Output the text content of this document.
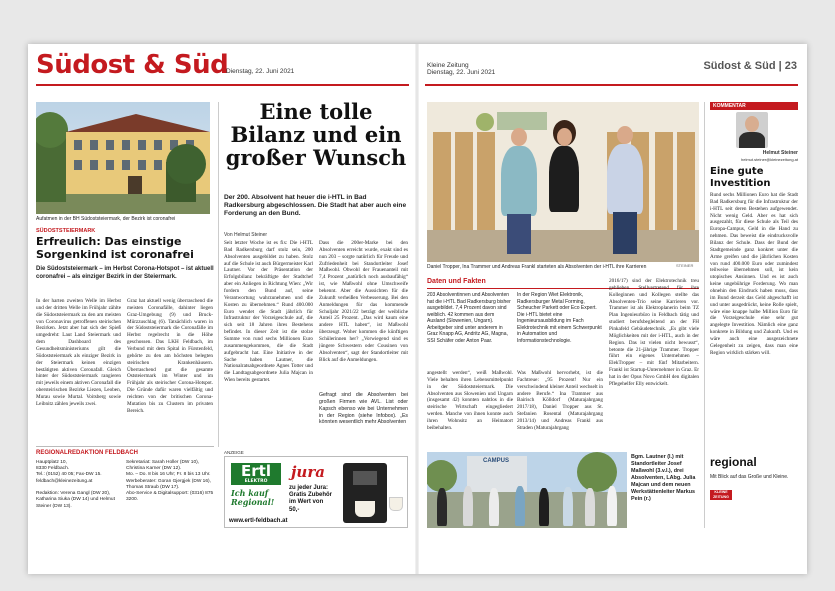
Südost & Süd
Dienstag, 22. Juni 2021
Kleine Zeitung
Dienstag, 22. Juni 2021
Südost & Süd | 23
Aufatmen in der BH Südoststeiermark, der Bezirk ist coronafrei
SÜDOSTSTEIERMARK
Erfreulich: Das einstige Sorgenkind ist coronafrei
Die Südoststeiermark – im Herbst Corona-Hotspot – ist aktuell coronafrei – als einziger Bezirk in der Steiermark.
In der harten zweiten Welle im Herbst und der dritten Welle im Frühjahr zählte die Südoststeiermark zu den am meisten von Coronavirus getroffenen steirischen Bezirken. Jetzt aber hat sich der Spieß umgedreht: Laut Land Steiermark und dem Dashboard des Gesundheitsministeriums gilt die Südoststeiermark als einziger Bezirk in der Steiermark keinen einzigen bestätigten aktiven Coronafall. Gleich hinter der Südoststeiermark rangieren mit jeweils einem aktiven Coronafall die obersteirischen Bezirke Liezen, Leoben, Murau sowie Murtal. Voitsberg sowie Leibnitz zählen jeweils zwei.
Graz hat aktuell wenig überraschend die meisten Coronafälle, dahinter liegen Graz-Umgebung (9) und Bruck-Mürzzuschlag (6). Tatsächlich waren in der Südoststeiermark die Coronafälle im Herbst regelrecht in die Höhe geschossen. Das LKH Feldbach, im Verbund mit dem Spital in Fürstenfeld, gehörte zu den am höchsten belegten steirischen Krankenhäusern. Überraschend gut die gesamte Oststeiermark im Winter und im Frühjahr als steirischer Corona-Hotspot. Die Gründe dafür waren vielfältig und reichten von der britischen Corona-Mutation bis zu Clustern im privaten Bereich.
REGIONALREDAKTION FELDBACH
Hauptplatz 10,
8330 Feldbach.
Tel.: (0152) 40 05; Fax-DW 15.
feldbach@kleinezeitung.at

Redaktion: Verena Gangl (DW 20), Katharina Siuka (DW 14) und Helmut Steiner (DW 13).
Sekretariat: Sarah Holler (DW 10), Christina Karner (DW 12).
Mo. – Do. 8 bis 16 Uhr; Fr. 8 bis 13 Uhr.
Werbeberater: Goran Gjergjek (DW 16), Thomas Straub (DW 17).
Abo-Service & Digitalsupport: (0316) 875 3200.
Eine tolle Bilanz und ein großer Wunsch
Der 200. Absolvent hat heuer die i-HTL in Bad Radkersburg abgeschlossen. Die Stadt hat aber auch eine Forderung an den Bund.
Von Helmut Steiner
Seit letzter Woche ist es fix: Die i-HTL Bad Radkersburg darf stolz sein, 200 Absolventen ausgebildet zu haben. Stolz auf die Schule ist auch Bürgermeister Karl Lautner. Vor der Präsentation der Erfolgsbilanz bekräftigte der Stadtchef aber ein Anliegen in Richtung Wien: „Wir fordern den Bund auf, seine Verantwortung wahrzunehmen und die Kosten zu übernehmen.“ Rund 400.000 Euro wendet die Stadt jährlich für Infrastruktur der Vorzeigeschule auf, die sich seit 18 Jahren ihres Bestehens befindet. In dieser Zeit ist die stolze Summe von rund sechs Millionen Euro zusammengekommen, die die Stadt aufgebracht hat. Eine Initiative in der Sache haben Lautner, die Nationalratsabgeordnete Agnes Totter und die Landtagsabgeordnete Julia Majcan in Wien bereits gestartet.
Dass die 200er-Marke bei den Absolventen erreicht wurde, exakt sind es nun 203 – sorgte natürlich für Freude und Zufriedenheit bei Standortleiter Josef Maßwohl. Obwohl der Frauenanteil mit 7,4 Prozent „natürlich noch ausbaufähig“ ist, wie Maßwohl ohne Umschweife bekennt. Aber die Aussichten für die Zukunft verheißen Verbesserung. Bei den Anmeldungen für das kommende Schuljahr 2021/22 beträgt der weibliche Anteil 25 Prozent. „Das wird kaum eine andere HTL haben“, ist Maßwohl überzeugt. Woher kommen die künftigen Schülerinnen her? „Vorwiegend sind es jüngere Schwestern oder Cousinen von Absolventen“, sagt der Standortleiter mit Blick auf die Anmeldungen.
Gefragt sind die Absolventen bei großen Firmen wie AVL. List oder Kapsch ebenso wie bei Unternehmen in der Region (siehe Infobox). „Es könnten wesentlich mehr Absolventen
ANZEIGE
Ertl
ELEKTRO
Ich kauf Regional!
www.ertl-feldbach.at
jura
zu jeder Jura: Gratis Zubehör im Wert von 50,-
Daniel Tropper, Ina Trammer und Andreas Frankl starteten als Absolventen der i-HTL ihre Karrieren	STEINER
Daten und Fakten
203 Absolventinnen und Absolventen hat die i-HTL Bad Radkersburg bisher ausgebildet. 7,4 Prozent davon sind weiblich. 42 kommen aus dem Ausland (Slowenien, Ungarn).
Arbeitgeber sind unter anderem in Graz Knapp AG, Andritz AG, Magna, SSI Schäfer oder Anton Paar.
In der Region Wiet Elektronik, Radkersburger Metal Forming, Scheucher Parkett oder Eco Expert.
Die i-HTL bietet eine Ingenieursausbildung im Fach Elektrotechnik mit einem Schwerpunkt in Automation und Informationstechnologie.
angestellt werden“, weiß Maßwohl. Viele behalten ihren Lebensmittelpunkt in der Südoststeiermark. Die Absolventen aus Slowenien und Ungarn (insgesamt 42) konnten nahtlos in die steirische Wirtschaft eingegliedert werden. Manche von ihnen konnte auch ihren Wohnsitz an Heimatort beibehalten.
Was Maßwohl hervorhebt, ist die Fachtreue: „95 Prozent! Nur ein verschwindend kleiner Anteil wechselt in andere Berufe.“ Ina Trammer aus Bairisch Kölldorf (Maturajahrgang 2017/18), Daniel Tropper aus St. Stefanien Rosental (Maturajahrgang 2013/14) und Andreas Frankl aus Straden (Maturajahrgang
2016/17) sind der Elektrotechnik treu geblieben. Stellvertretend für ihre Kolleginnen und Kollegen stellte das Absolventen-Trio seine Karrieren vor. Trammer ist als Elektroplanerin beim TZ Plan Ingenieurbüro in Feldbach tätig und studiert berufsbegleitend an der FH Pinkafeld Gebäudetechnik. „Es gibt viele Möglichkeiten mit der i-HTL, auch in der Region. Das ist vielen nicht bewusst“, betonte die 21-jährige Trammer. Tropper führt ein eigenes Unternehmen – ElekTropper – mit fünf Mitarbeitern. Frankl ist Startup-Unternehmer in Graz. Er hat in der Opus Novo GmbH den digitalen Pflegehelfer Elly entwickelt.
CAMPUS
Bgm. Lautner (l.) mit Standortleiter Josef Maßwohl (3.v.l.), drei Absolventen, LAbg. Julia Majcan und dem neuen Werkstättenleiter Markus Pein (r.)
KOMMENTAR
Helmut Steiner
helmut.steiner@kleinezeitung.at
Eine gute Investition
Rund sechs Millionen Euro hat die Stadt Bad Radkersburg für die Infrastruktur der i-HTL seit deren Bestehen aufgewendet. Nicht wenig Geld. Aber es hat sich ausgezahlt, für diese Schule als Teil des Europa-Campus, Geld in die Hand zu nehmen. Das beweist die eindrucksvolle Bilanz der Schule. Dass der Bund der Stadtgemeinde ganz konkret unter die Arme greifen und die jährlichen Kosten von rund 400.000 Euro oder zumindest teilweise übernehmen soll, ist kein utopisches Ansinnen. Und es ist auch keine ungebührige Forderung. Wo man ohnehin den Eindruck haben muss, dass im Bund derzeit das Geld abgeschafft ist und unter ausgedrückt, keine Rolle spielt, wäre eine knappe halbe Million Euro für die Vorzeigeschule eine sehr gut angelegte Investition. Nämlich eine ganz konkrete in Bildung und Zukunft. Und es wäre auch eine ausgezeichnete Gelegenheit zu zeigen, dass man eine Region wirklich stärken will.
regional
Mit Blick auf das Große und Kleine.
KLEINE ZEITUNG
